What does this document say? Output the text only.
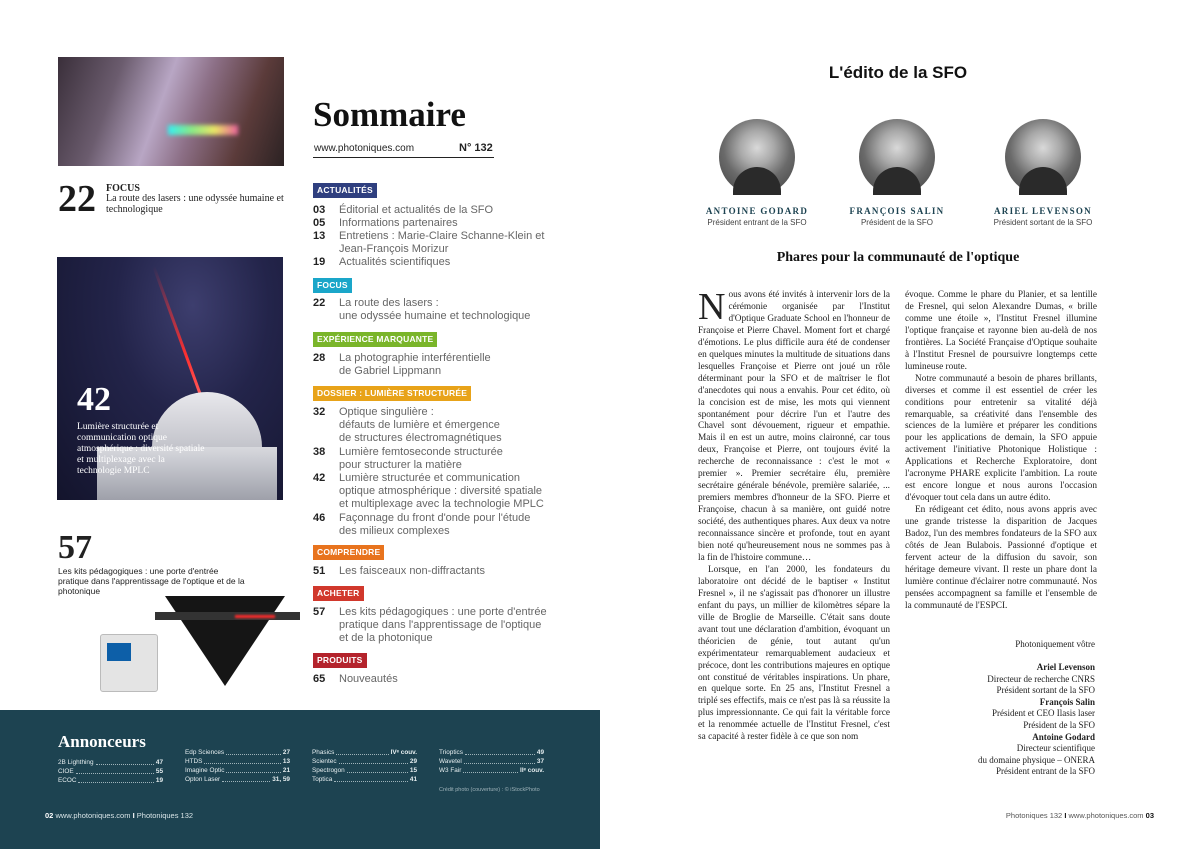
22 FOCUS
La route des lasers : une odyssée humaine et technologique
42
Lumière structurée et communication optique atmosphérique : diversité spatiale et multiplexage avec la technologie MPLC
57
Les kits pédagogiques : une porte d'entrée pratique dans l'apprentissage de l'optique et de la photonique
Sommaire
www.photoniques.com	N° 132
ACTUALITÉS
03 Éditorial et actualités de la SFO
05 Informations partenaires
13 Entretiens : Marie-Claire Schanne-Klein et
Jean-François Morizur
19 Actualités scientifiques
FOCUS
22 La route des lasers :
une odyssée humaine et technologique
EXPÉRIENCE MARQUANTE
28 La photographie interférentielle
de Gabriel Lippmann
DOSSIER : LUMIÈRE STRUCTURÉE
32 Optique singulière :
défauts de lumière et émergence
de structures électromagnétiques
38 Lumière femtoseconde structurée
pour structurer la matière
42 Lumière structurée et communication
optique atmosphérique : diversité spatiale
et multiplexage avec la technologie MPLC
46 Façonnage du front d'onde pour l'étude
des milieux complexes
COMPRENDRE
51 Les faisceaux non-diffractants
ACHETER
57 Les kits pédagogiques : une porte d'entrée
pratique dans l'apprentissage de l'optique
et de la photonique
PRODUITS
65 Nouveautés
Annonceurs
2B Lighthing	47
CIOE	55
ECOC	19
Edp Sciences	27
HTDS	13
Imagine Optic	21
Opton Laser	31, 59
Phasics	IVᵉ couv.
Scientec	29
Spectrogon	15
Toptica	41
Trioptics	49
Wavetel	37
W3 Fair	IIᵉ couv.
Crédit photo (couverture) : © iStockPhoto
02 www.photoniques.com I Photoniques 132
L'édito de la SFO
ANTOINE GODARD
Président entrant de la SFO
FRANÇOIS SALIN
Président de la SFO
ARIEL LEVENSON
Président sortant de la SFO
Phares pour la communauté de l'optique

Nous avons été invités à intervenir lors de la cérémonie organisée par l'Institut d'Optique Graduate School en l'honneur de Françoise et Pierre Chavel. Moment fort et chargé d'émotions. Le plus difficile aura été de condenser en quelques minutes la multitude de situations dans lesquelles Françoise et Pierre ont joué un rôle déterminant pour la SFO et de maîtriser le flot d'anecdotes qui nous a envahis. Pour cet édito, où la concision est de mise, les mots qui viennent spontanément pour décrire l'un et l'autre des Chavel sont dévouement, rigueur et empathie. Mais il en est un autre, moins claironné, car tous deux, Françoise et Pierre, ont toujours évité la recherche de reconnaissance : c'est le mot « premier ». Premier secrétaire élu, première secrétaire générale bénévole, première salariée, ... premiers membres d'honneur de la SFO. Pierre et Françoise, chacun à sa manière, ont guidé notre société, des authentiques phares. Aux deux va notre reconnaissance sincère et profonde, tout en ayant bien noté qu'heureusement nous ne sommes pas à la fin de l'histoire commune…

Lorsque, en l'an 2000, les fondateurs du laboratoire ont décidé de le baptiser « Institut Fresnel », il ne s'agissait pas d'honorer un illustre enfant du pays, un millier de kilomètres sépare la ville de Broglie de Marseille. C'était sans doute avant tout une déclaration d'ambition, évoquant un théoricien de génie, tout autant qu'un expérimentateur remarquablement audacieux et précoce, dont les contributions majeures en optique ont constitué de véritables inspirations. Un phare, en quelque sorte. En 25 ans, l'Institut Fresnel a triplé ses effectifs, mais ce n'est pas là sa réussite la plus impressionnante. Ce qui fait la véritable force et la renommée actuelle de l'Institut Fresnel, c'est sa capacité à rester fidèle à ce que son nom

évoque. Comme le phare du Planier, et sa lentille de Fresnel, qui selon Alexandre Dumas, « brille comme une étoile », l'Institut Fresnel illumine l'optique française et rayonne bien au-delà de nos frontières. La Société Française d'Optique souhaite à l'Institut Fresnel de poursuivre longtemps cette lumineuse route.

Notre communauté a besoin de phares brillants, diverses et comme il est essentiel de créer les conditions pour entretenir sa vitalité déjà remarquable, sa créativité dans l'ensemble des sciences de la lumière et préparer les conditions pour les applications de demain, la SFO appuie activement l'initiative Photonique Holistique : Applications et Recherche Exploratoire, dont l'acronyme PHARE explicite l'ambition. La route est encore longue et nous aurons l'occasion d'évoquer tout cela dans un autre édito.

En rédigeant cet édito, nous avons appris avec une grande tristesse la disparition de Jacques Badoz, l'un des membres fondateurs de la SFO aux côtés de Jean Bulabois. Passionné d'optique et fervent acteur de la diffusion du savoir, son héritage demeure vivant. Il reste un phare dont la lumière continue d'éclairer notre communauté. Nos pensées accompagnent sa famille et l'ensemble de la communauté de l'ESPCI.

Photoniquement vôtre
Ariel Levenson
Directeur de recherche CNRS
Président sortant de la SFO
François Salin
Président et CEO Ilasis laser
Président de la SFO
Antoine Godard
Directeur scientifique
du domaine physique – ONERA
Président entrant de la SFO
Photoniques 132 I www.photoniques.com 03
